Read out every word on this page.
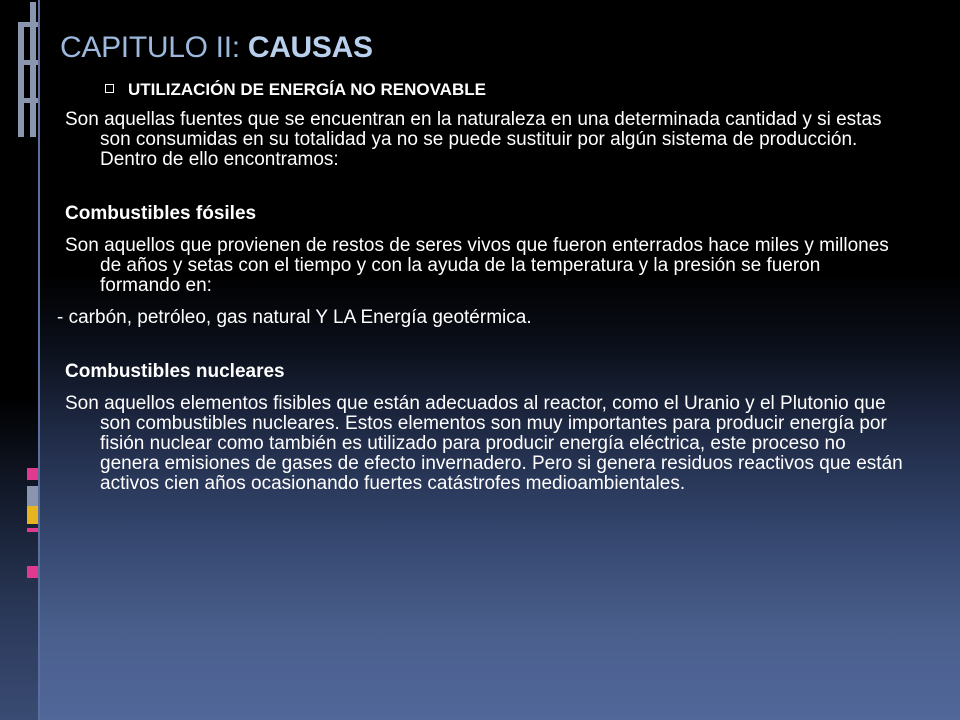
CAPITULO II: CAUSAS
UTILIZACIÓN DE ENERGÍA NO RENOVABLE

Son aquellas fuentes que se encuentran en la naturaleza en una determinada cantidad y si estas son consumidas en su totalidad ya no se puede sustituir por algún sistema de producción. Dentro de ello encontramos:

Combustibles fósiles

Son aquellos que provienen de restos de seres vivos que fueron enterrados hace miles y millones de años y setas con el tiempo y con la ayuda de la temperatura y la presión se fueron formando en:

- carbón, petróleo, gas natural Y LA Energía geotérmica.

Combustibles nucleares

Son aquellos elementos fisibles que están adecuados al reactor, como el Uranio y el Plutonio que son combustibles nucleares. Estos elementos son muy importantes para producir energía por fisión nuclear como también es utilizado para producir energía eléctrica, este proceso no genera emisiones de gases de efecto invernadero. Pero si genera residuos reactivos que están activos cien años ocasionando fuertes catástrofes medioambientales.
